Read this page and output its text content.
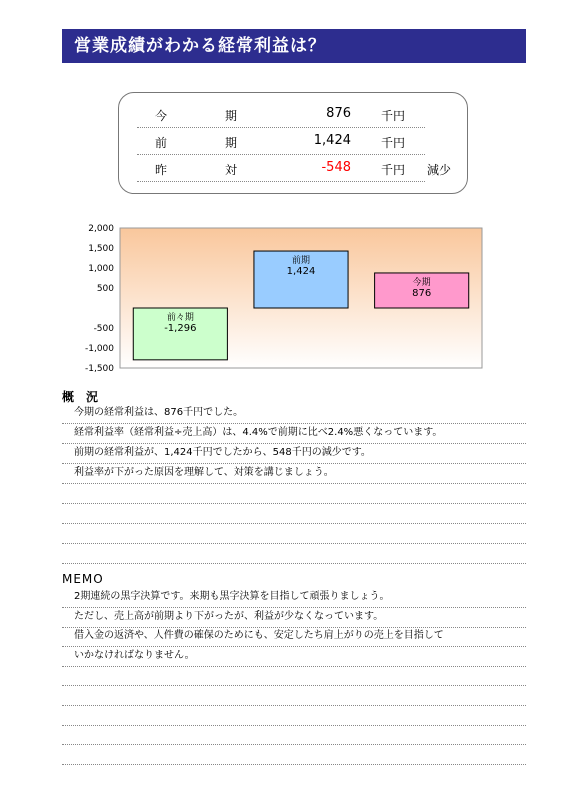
営業成績がわかる経常利益は？
今	期	876	千円
前	期	1,424	千円
昨	対	-548	千円 減少
2,000
1,500
1,000
500
-500
-1,000
-1,500
前々期
-1,296
前期
1,424
今期
876
概　況
今期の経常利益は、876千円でした。
経常利益率（経常利益÷売上高）は、4.4%で前期に比べ2.4%悪くなっています。
前期の経常利益が、1,424千円でしたから、548千円の減少です。
利益率が下がった原因を理解して、対策を講じましょう。
MEMO
2期連続の黒字決算です。来期も黒字決算を目指して頑張りましょう。
ただし、売上高が前期より下がったが、利益が少なくなっています。
借入金の返済や、人件費の確保のためにも、安定したち肩上がりの売上を目指して
いかなければなりません。
